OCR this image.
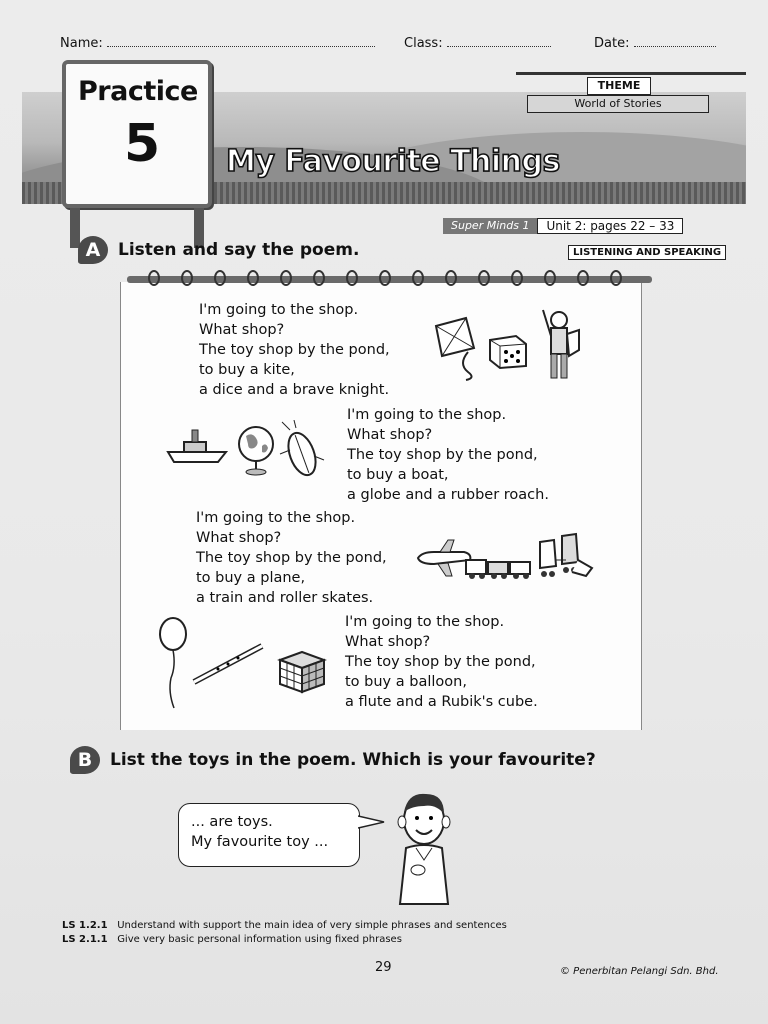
Name:	Class:	Date:
THEME
World of Stories
Practice
5 My Favourite Things
Super Minds 1	Unit 2: pages 22 – 33
A	Listen and say the poem.	LISTENING AND SPEAKING
I'm going to the shop.
What shop?
The toy shop by the pond,
to buy a kite,
a dice and a brave knight.
I'm going to the shop.
What shop?
The toy shop by the pond,
to buy a boat,
a globe and a rubber roach.
I'm going to the shop.
What shop?
The toy shop by the pond,
to buy a plane,
a train and roller skates.
I'm going to the shop.
What shop?
The toy shop by the pond,
to buy a balloon,
a flute and a Rubik's cube.
B	List the toys in the poem. Which is your favourite?
... are toys.
My favourite toy ...
LS 1.2.1 Understand with support the main idea of very simple phrases and sentences
LS 2.1.1 Give very basic personal information using fixed phrases
29	© Penerbitan Pelangi Sdn. Bhd.
